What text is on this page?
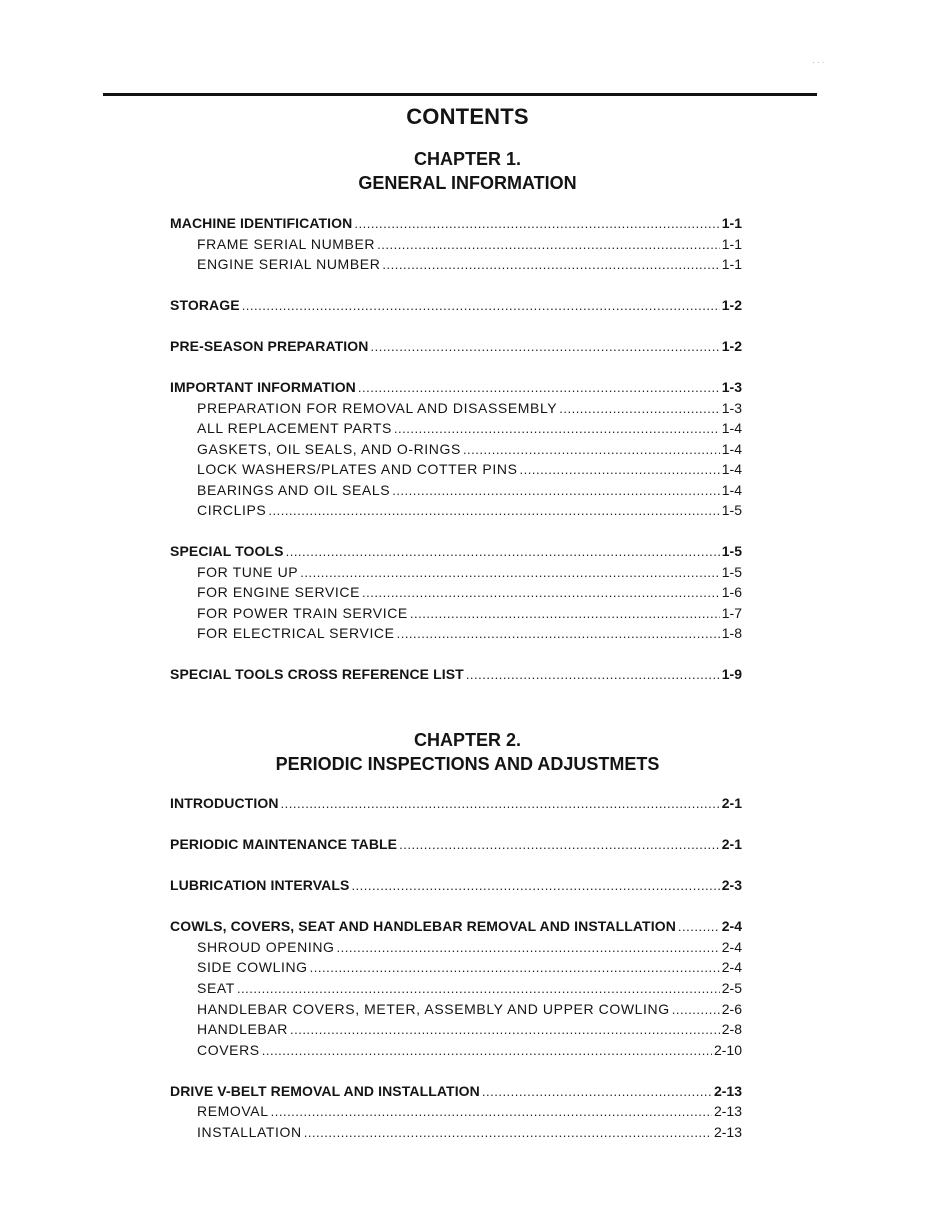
· · ·
CONTENTS
CHAPTER 1.
GENERAL INFORMATION
MACHINE IDENTIFICATION .....	1-1
FRAME SERIAL NUMBER .....	1-1
ENGINE SERIAL NUMBER .....	1-1
STORAGE .....	1-2
PRE-SEASON PREPARATION .....	1-2
IMPORTANT INFORMATION .....	1-3
PREPARATION FOR REMOVAL AND DISASSEMBLY .....	1-3
ALL REPLACEMENT PARTS .....	1-4
GASKETS, OIL SEALS, AND O-RINGS .....	1-4
LOCK WASHERS/PLATES AND COTTER PINS .....	1-4
BEARINGS AND OIL SEALS .....	1-4
CIRCLIPS .....	1-5
SPECIAL TOOLS .....	1-5
FOR TUNE UP .....	1-5
FOR ENGINE SERVICE .....	1-6
FOR POWER TRAIN SERVICE .....	1-7
FOR ELECTRICAL SERVICE .....	1-8
SPECIAL TOOLS CROSS REFERENCE LIST .....	1-9
CHAPTER 2.
PERIODIC INSPECTIONS AND ADJUSTMETS
INTRODUCTION .....	2-1
PERIODIC MAINTENANCE TABLE .....	2-1
LUBRICATION INTERVALS .....	2-3
COWLS, COVERS, SEAT AND HANDLEBAR REMOVAL AND INSTALLATION .....	2-4
SHROUD OPENING .....	2-4
SIDE COWLING .....	2-4
SEAT .....	2-5
HANDLEBAR COVERS, METER, ASSEMBLY AND UPPER COWLING .....	2-6
HANDLEBAR .....	2-8
COVERS .....	2-10
DRIVE V-BELT REMOVAL AND INSTALLATION .....	2-13
REMOVAL .....	2-13
INSTALLATION .....	2-13
